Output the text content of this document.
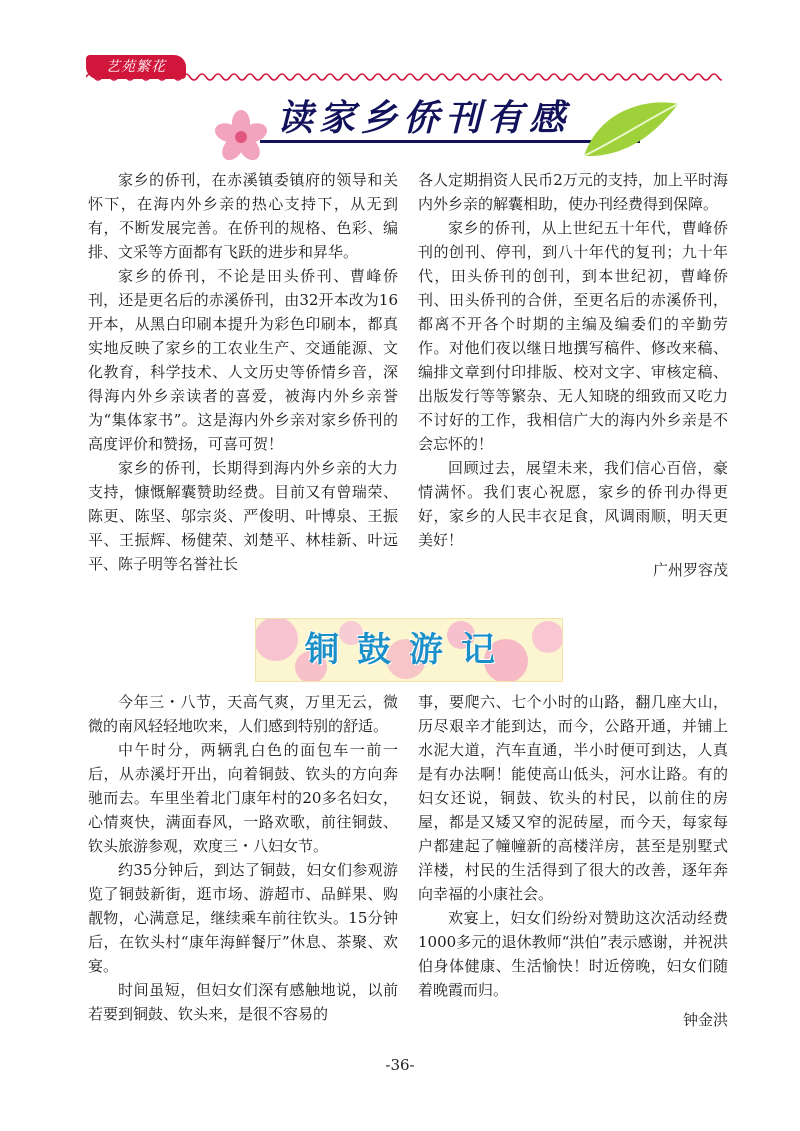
艺苑繁花
读家乡侨刊有感

家乡的侨刊，在赤溪镇委镇府的领导和关怀下，在海内外乡亲的热心支持下，从无到有，不断发展完善。在侨刊的规格、色彩、编排、文采等方面都有飞跃的进步和昇华。

家乡的侨刊，不论是田头侨刊、曹峰侨刊，还是更名后的赤溪侨刊，由32开本改为16开本，从黑白印刷本提升为彩色印刷本，都真实地反映了家乡的工农业生产、交通能源、文化教育，科学技术、人文历史等侨情乡音，深得海内外乡亲读者的喜爱，被海内外乡亲誉为“集体家书”。这是海内外乡亲对家乡侨刊的高度评价和赞扬，可喜可贺！

家乡的侨刊，长期得到海内外乡亲的大力支持，慷慨解囊赞助经费。目前又有曾瑞荣、陈更、陈坚、邬宗炎、严俊明、叶博泉、王振平、王振辉、杨健荣、刘楚平、林桂新、叶远平、陈子明等名誉社长

各人定期捐资人民币2万元的支持，加上平时海内外乡亲的解囊相助，使办刊经费得到保障。

家乡的侨刊，从上世纪五十年代，曹峰侨刊的创刊、停刊，到八十年代的复刊；九十年代，田头侨刊的创刊，到本世纪初，曹峰侨刊、田头侨刊的合併，至更名后的赤溪侨刊，都离不开各个时期的主编及编委们的辛勤劳作。对他们夜以继日地撰写稿件、修改来稿、编排文章到付印排版、校对文字、审核定稿、出版发行等等繁杂、无人知晓的细致而又吃力不讨好的工作，我相信广大的海内外乡亲是不会忘怀的！

回顾过去，展望未来，我们信心百倍，豪情满怀。我们衷心祝愿，家乡的侨刊办得更好，家乡的人民丰衣足食，风调雨顺，明天更美好！

广州罗容茂

铜鼓游记

今年三・八节，天高气爽，万里无云，微微的南风轻轻地吹来，人们感到特别的舒适。

中午时分，两辆乳白色的面包车一前一后，从赤溪圩开出，向着铜鼓、钦头的方向奔驰而去。车里坐着北门康年村的20多名妇女，心情爽快，满面春风，一路欢歌，前往铜鼓、钦头旅游参观，欢度三・八妇女节。

约35分钟后，到达了铜鼓，妇女们参观游览了铜鼓新街，逛市场、游超市、品鲜果、购靓物，心满意足，继续乘车前往钦头。15分钟后，在钦头村“康年海鲜餐厅”休息、茶聚、欢宴。

时间虽短，但妇女们深有感触地说，以前若要到铜鼓、钦头来，是很不容易的

事，要爬六、七个小时的山路，翻几座大山，历尽艰辛才能到达，而今，公路开通，并铺上水泥大道，汽车直通，半小时便可到达，人真是有办法啊！能使高山低头，河水让路。有的妇女还说，铜鼓、钦头的村民，以前住的房屋，都是又矮又窄的泥砖屋，而今天，每家每户都建起了幢幢新的高楼洋房，甚至是别墅式洋楼，村民的生活得到了很大的改善，逐年奔向幸福的小康社会。

欢宴上，妇女们纷纷对赞助这次活动经费1000多元的退休教师“洪伯”表示感谢，并祝洪伯身体健康、生活愉快！时近傍晚，妇女们随着晚霞而归。

钟金洪

-36-
